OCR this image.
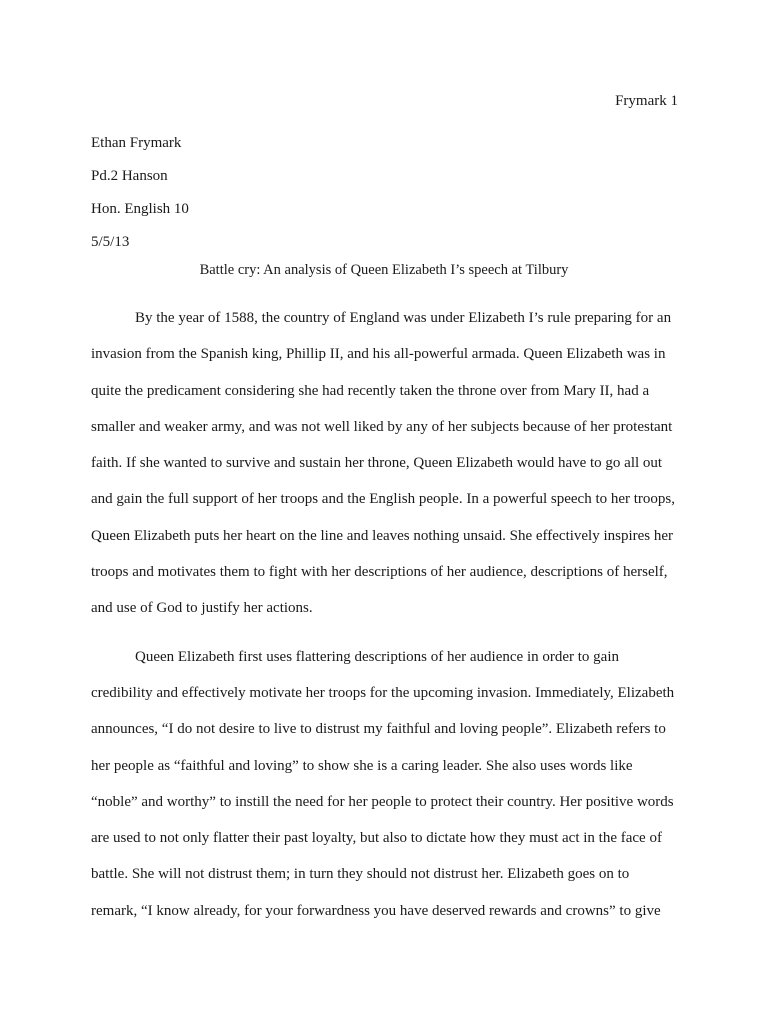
Frymark 1
Ethan Frymark
Pd.2 Hanson
Hon. English 10
5/5/13
Battle cry: An analysis of Queen Elizabeth I’s speech at Tilbury
By the year of 1588, the country of England was under Elizabeth I’s rule preparing for an
invasion from the Spanish king, Phillip II, and his all-powerful armada. Queen Elizabeth was in
quite the predicament considering she had recently taken the throne over from Mary II, had a
smaller and weaker army, and was not well liked by any of her subjects because of her protestant
faith. If she wanted to survive and sustain her throne, Queen Elizabeth would have to go all out
and gain the full support of her troops and the English people. In a powerful speech to her troops,
Queen Elizabeth puts her heart on the line and leaves nothing unsaid. She effectively inspires her
troops and motivates them to fight with her descriptions of her audience, descriptions of herself,
and use of God to justify her actions.
Queen Elizabeth first uses flattering descriptions of her audience in order to gain
credibility and effectively motivate her troops for the upcoming invasion. Immediately, Elizabeth
announces, “I do not desire to live to distrust my faithful and loving people”. Elizabeth refers to
her people as “faithful and loving” to show she is a caring leader. She also uses words like
“noble” and worthy” to instill the need for her people to protect their country. Her positive words
are used to not only flatter their past loyalty, but also to dictate how they must act in the face of
battle. She will not distrust them; in turn they should not distrust her. Elizabeth goes on to
remark, “I know already, for your forwardness you have deserved rewards and crowns” to give
